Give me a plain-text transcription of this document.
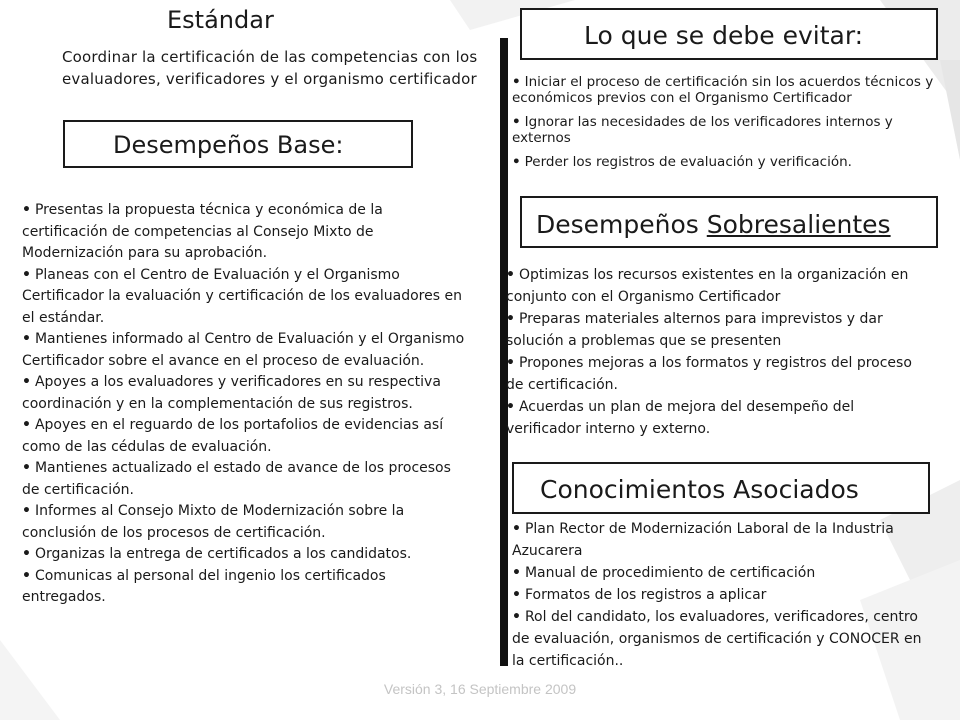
Estándar
Coordinar la certificación de las competencias con los evaluadores, verificadores y el organismo certificador
Desempeños Base:
• Presentas la propuesta técnica y económica de la certificación de competencias al Consejo Mixto de Modernización para su aprobación.
• Planeas con el Centro de Evaluación y el Organismo Certificador la evaluación y certificación de los evaluadores en el estándar.
• Mantienes informado al Centro de Evaluación y el Organismo Certificador sobre el avance en el proceso de evaluación.
• Apoyes a los evaluadores y verificadores en su respectiva coordinación y en la complementación de sus registros.
• Apoyes en el reguardo de los portafolios de evidencias así como de las cédulas de evaluación.
• Mantienes actualizado el estado de avance de los procesos de certificación.
• Informes al Consejo Mixto de Modernización sobre la conclusión de los procesos de certificación.
• Organizas la entrega de certificados a los candidatos.
• Comunicas al personal del ingenio los certificados entregados.
Lo que se debe evitar:
• Iniciar el proceso de certificación sin los acuerdos técnicos y económicos previos con el Organismo Certificador
• Ignorar las necesidades de los verificadores internos y externos
• Perder los registros de evaluación y verificación.
Desempeños Sobresalientes
• Optimizas los recursos existentes en la organización en conjunto con el Organismo Certificador
• Preparas materiales alternos para imprevistos y dar solución a problemas que se presenten
• Propones mejoras a los formatos y registros del proceso de certificación.
• Acuerdas un plan de mejora del desempeño del verificador interno y externo.
Conocimientos Asociados
• Plan Rector de Modernización Laboral de la Industria Azucarera
• Manual de procedimiento de certificación
• Formatos de los registros a aplicar
• Rol del candidato, los evaluadores, verificadores, centro de evaluación, organismos de certificación y CONOCER en la certificación..
Versión 3, 16 Septiembre 2009
